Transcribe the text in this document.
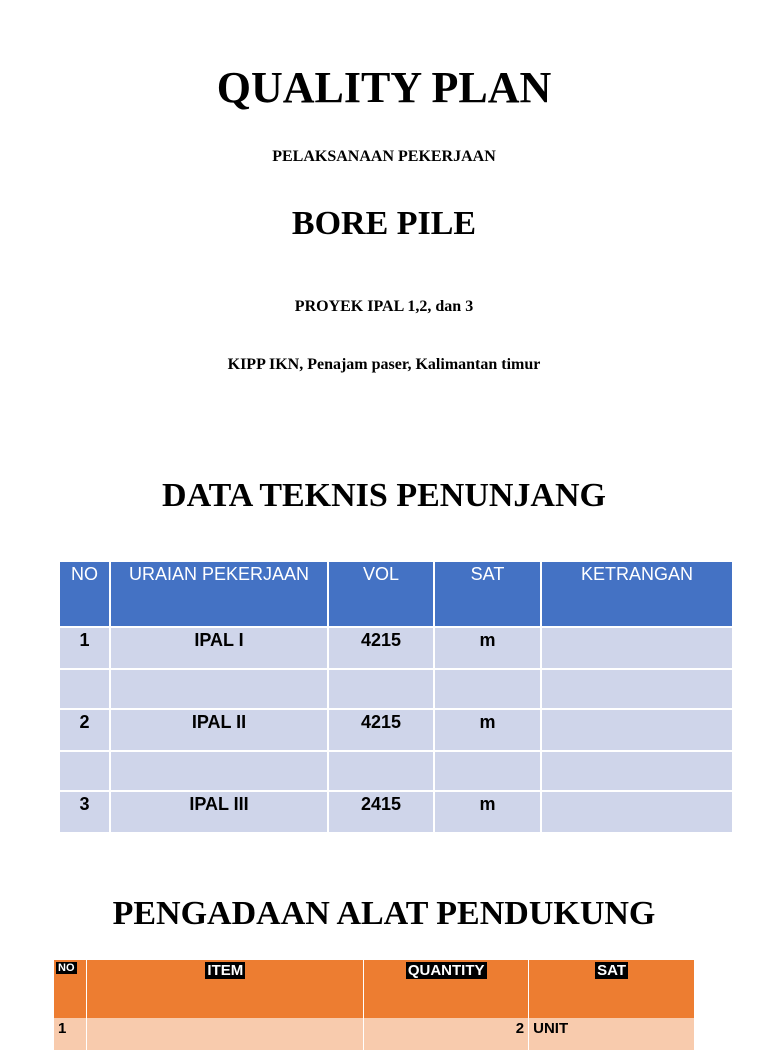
QUALITY PLAN
PELAKSANAAN PEKERJAAN
BORE PILE
PROYEK IPAL 1,2, dan 3
KIPP IKN, Penajam paser, Kalimantan timur
DATA TEKNIS PENUNJANG
NO	URAIAN PEKERJAAN	VOL	SAT	KETRANGAN
1	IPAL I	4215	m	

2	IPAL II	4215	m	

3	IPAL III	2415	m	
PENGADAAN ALAT PENDUKUNG
NO	ITEM	QUANTITY	SAT
1		2	UNIT
